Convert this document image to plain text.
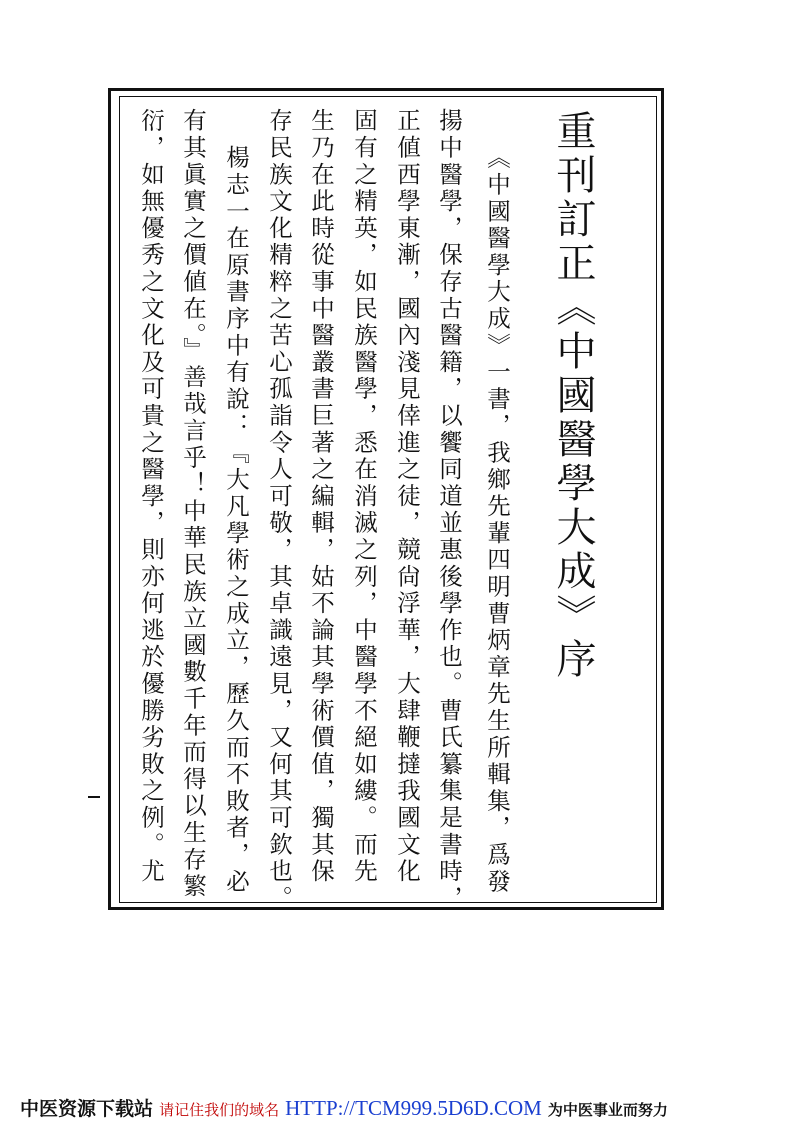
重刊訂正《中國醫學大成》序
《中國醫學大成》一書，我鄉先輩四明曹炳章先生所輯集，爲發
揚中醫學，保存古醫籍，以饗同道並惠後學作也。曹氏纂集是書時，
正値西學東漸，國內淺見倖進之徒，競尙浮華，大肆鞭撻我國文化
固有之精英，如民族醫學，悉在消滅之列，中醫學不絕如縷。而先
生乃在此時從事中醫叢書巨著之編輯，姑不論其學術價值，獨其保
存民族文化精粹之苦心孤詣令人可敬，其卓識遠見，又何其可欽也。
楊志一在原書序中有說：『大凡學術之成立，歷久而不敗者，必
有其眞實之價値在。』善哉言乎！中華民族立國數千年而得以生存繁
衍，如無優秀之文化及可貴之醫學，則亦何逃於優勝劣敗之例。尤
中医资源下载站 请记住我们的域名 HTTP://TCM999.5D6D.COM 为中医事业而努力
